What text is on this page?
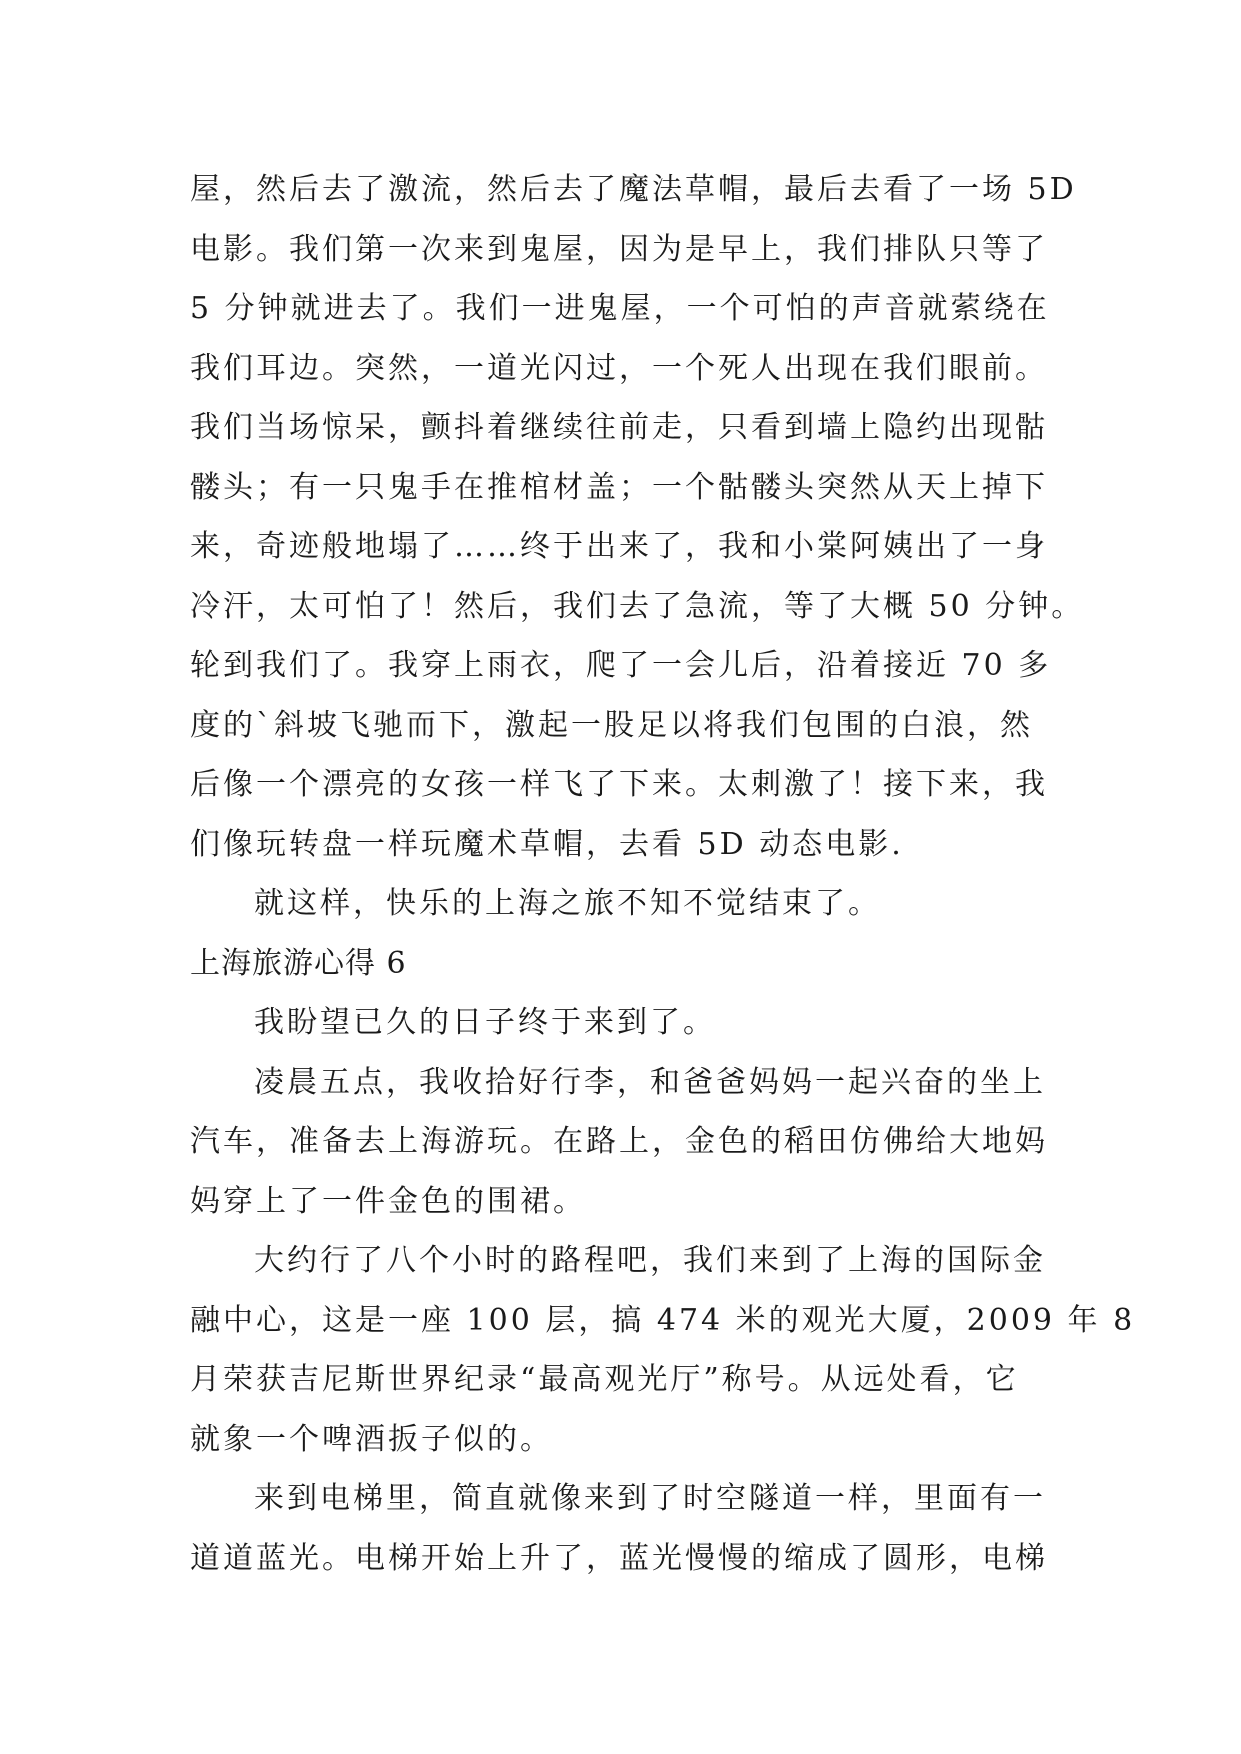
屋，然后去了激流，然后去了魔法草帽，最后去看了一场 5D
电影。我们第一次来到鬼屋，因为是早上，我们排队只等了
5 分钟就进去了。我们一进鬼屋，一个可怕的声音就萦绕在
我们耳边。突然，一道光闪过，一个死人出现在我们眼前。
我们当场惊呆，颤抖着继续往前走，只看到墙上隐约出现骷
髅头；有一只鬼手在推棺材盖；一个骷髅头突然从天上掉下
来，奇迹般地塌了……终于出来了，我和小棠阿姨出了一身
冷汗，太可怕了！然后，我们去了急流，等了大概 50 分钟。
轮到我们了。我穿上雨衣，爬了一会儿后，沿着接近 70 多
度的`斜坡飞驰而下，激起一股足以将我们包围的白浪，然
后像一个漂亮的女孩一样飞了下来。太刺激了！接下来，我
们像玩转盘一样玩魔术草帽，去看 5D 动态电影.
就这样，快乐的上海之旅不知不觉结束了。
上海旅游心得 6
我盼望已久的日子终于来到了。
凌晨五点，我收拾好行李，和爸爸妈妈一起兴奋的坐上
汽车，准备去上海游玩。在路上，金色的稻田仿佛给大地妈
妈穿上了一件金色的围裙。
大约行了八个小时的路程吧，我们来到了上海的国际金
融中心，这是一座 100 层，搞 474 米的观光大厦，2009 年 8
月荣获吉尼斯世界纪录“最高观光厅”称号。从远处看，它
就象一个啤酒扳子似的。
来到电梯里，简直就像来到了时空隧道一样，里面有一
道道蓝光。电梯开始上升了，蓝光慢慢的缩成了圆形，电梯
